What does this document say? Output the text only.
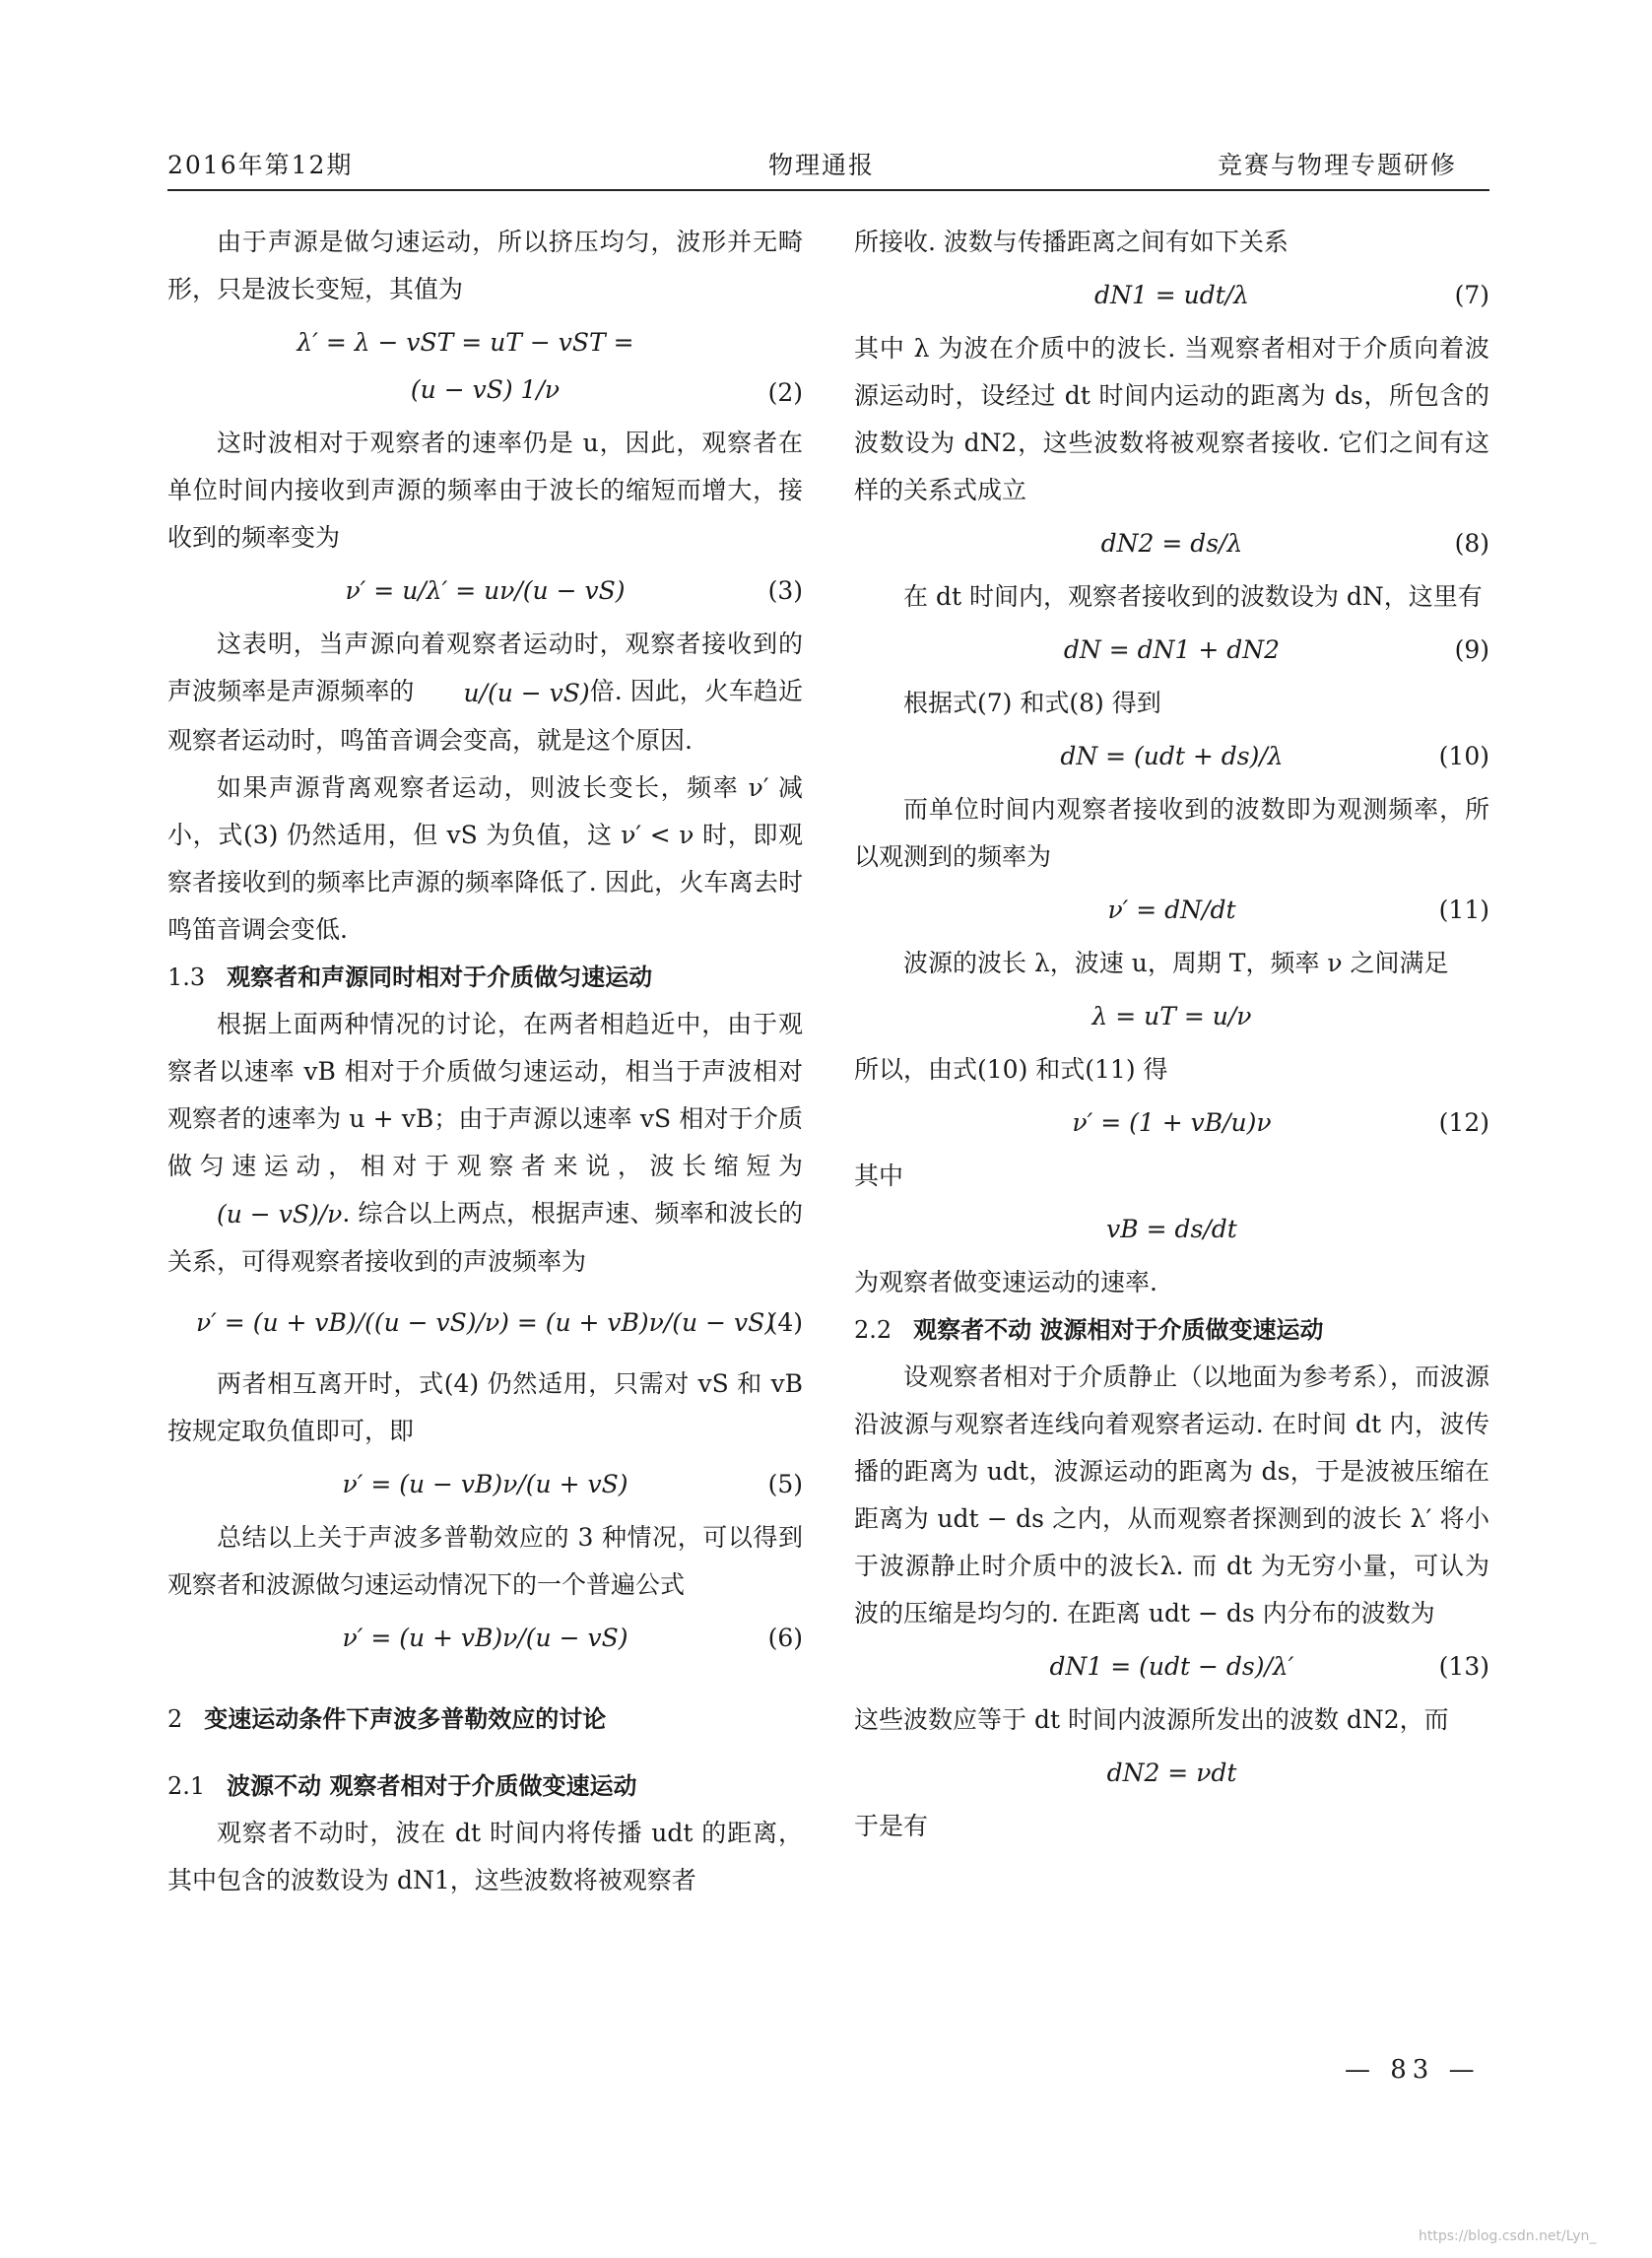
2016年第12期	物理通报	竞赛与物理专题研修

由于声源是做匀速运动，所以挤压均匀，波形并无畸形，只是波长变短，其值为

λ′ = λ − vST = uT − vST =
(u − vS) 1/ν	(2)

这时波相对于观察者的速率仍是 u，因此，观察者在单位时间内接收到声源的频率由于波长的缩短而增大，接收到的频率变为

ν′ = u/λ′ = uν/(u − vS)	(3)

这表明，当声源向着观察者运动时，观察者接收到的声波频率是声源频率的 u/(u − vS)倍. 因此，火车趋近观察者运动时，鸣笛音调会变高，就是这个原因.

如果声源背离观察者运动，则波长变长，频率 ν′ 减小，式(3) 仍然适用，但 vS 为负值，这 ν′ < ν 时，即观察者接收到的频率比声源的频率降低了. 因此，火车离去时鸣笛音调会变低.

1.3 观察者和声源同时相对于介质做匀速运动

根据上面两种情况的讨论，在两者相趋近中，由于观察者以速率 vB 相对于介质做匀速运动，相当于声波相对观察者的速率为 u + vB；由于声源以速率 vS 相对于介质做匀速运动，相对于观察者来说，波长缩短为(u − vS)/ν. 综合以上两点，根据声速、频率和波长的关系，可得观察者接收到的声波频率为

ν′ = (u + vB)/((u − vS)/ν) = (u + vB)ν/(u − vS)
(4)

两者相互离开时，式(4) 仍然适用，只需对 vS 和 vB 按规定取负值即可，即

ν′ = (u − vB)ν/(u + vS)	(5)

总结以上关于声波多普勒效应的 3 种情况，可以得到观察者和波源做匀速运动情况下的一个普遍公式

ν′ = (u + vB)ν/(u − vS)	(6)

2 变速运动条件下声波多普勒效应的讨论

2.1 波源不动 观察者相对于介质做变速运动

观察者不动时，波在 dt 时间内将传播 udt 的距离，其中包含的波数设为 dN1，这些波数将被观察者

所接收. 波数与传播距离之间有如下关系

dN1 = udt/λ	(7)

其中 λ 为波在介质中的波长. 当观察者相对于介质向着波源运动时，设经过 dt 时间内运动的距离为 ds，所包含的波数设为 dN2，这些波数将被观察者接收. 它们之间有这样的关系式成立

dN2 = ds/λ	(8)

在 dt 时间内，观察者接收到的波数设为 dN，这里有

dN = dN1 + dN2	(9)

根据式(7) 和式(8) 得到

dN = (udt + ds)/λ	(10)

而单位时间内观察者接收到的波数即为观测频率，所以观测到的频率为

ν′ = dN/dt	(11)

波源的波长 λ，波速 u，周期 T，频率 ν 之间满足

λ = uT = u/ν

所以，由式(10) 和式(11) 得

ν′ = (1 + vB/u)ν	(12)

其中

vB = ds/dt

为观察者做变速运动的速率.

2.2 观察者不动 波源相对于介质做变速运动

设观察者相对于介质静止（以地面为参考系），而波源沿波源与观察者连线向着观察者运动. 在时间 dt 内，波传播的距离为 udt，波源运动的距离为 ds，于是波被压缩在距离为 udt − ds 之内，从而观察者探测到的波长 λ′ 将小于波源静止时介质中的波长λ. 而 dt 为无穷小量，可认为波的压缩是均匀的. 在距离 udt − ds 内分布的波数为

dN1 = (udt − ds)/λ′	(13)

这些波数应等于 dt 时间内波源所发出的波数 dN2，而

dN2 = νdt

于是有

— 83 —
https://blog.csdn.net/Lyn_
